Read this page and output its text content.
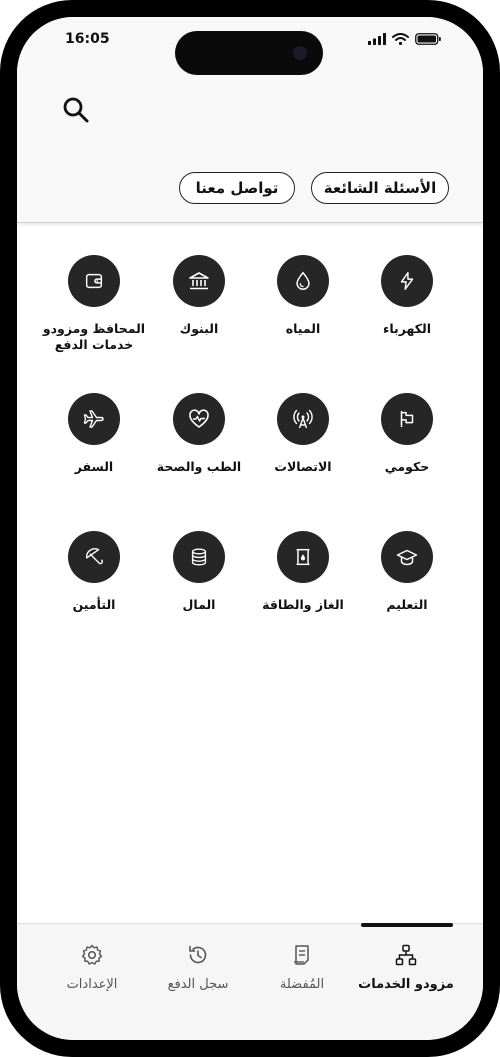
16:05
الأسئلة الشائعة
تواصل معنا
الكهرباء
المياه
البنوك
المحافظ ومزودو
خدمات الدفع
حكومي
الاتصالات
الطب والصحة
السفر
التعليم
الغاز والطاقة
المال
التأمين
مزودو الخدمات
المُفضلة
سجل الدفع
الإعدادات
